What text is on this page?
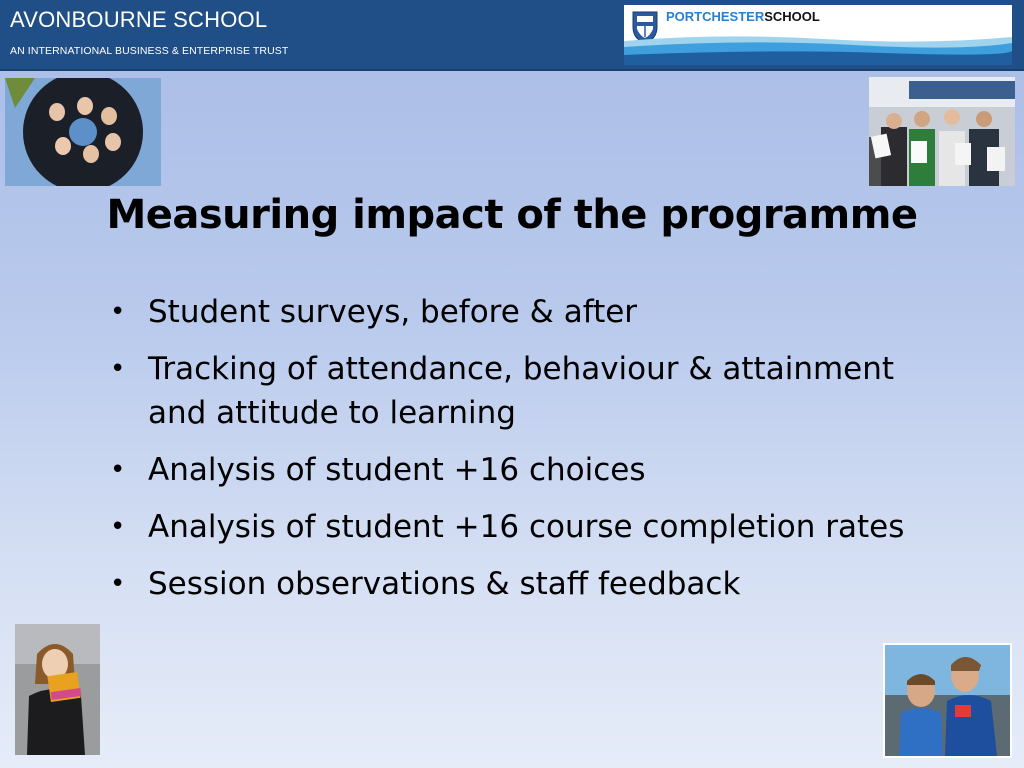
AVONBOURNE SCHOOL
AN INTERNATIONAL BUSINESS & ENTERPRISE TRUST
PORTCHESTERSCHOOL
Measuring impact of the programme
• Student surveys, before & after
• Tracking of attendance, behaviour & attainment and attitude to learning
• Analysis of student +16 choices
• Analysis of student +16 course completion rates
• Session observations & staff feedback
